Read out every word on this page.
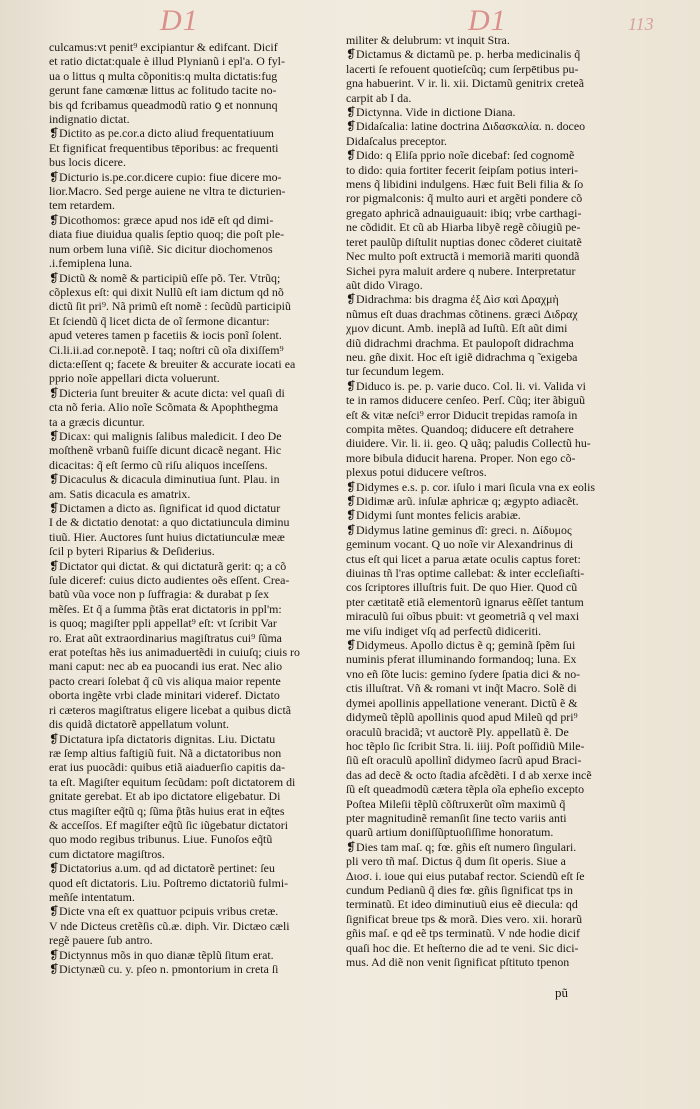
D1	D1	113
culcamus:vt penit⁹ excipiantur & edifcant. Dicif
et ratio dictat:quale è illud Plynianũ i epl'a. O fyl-
ua o littus q multa cõponitis:q multa dictatis:fug
gerunt fane camœnæ littus ac folitudo tacite no-
bis qd fcribamus queadmodũ ratio ꝯ et nonnunq
indignatio dictat.
❡Dictito as pe.cor.a dicto aliud frequentatiuum
Et fignificat frequentibus tēporibus: ac frequenti
bus locis dicere.
❡Dicturio is.pe.cor.dicere cupio: fiue dicere mo-
lior.Macro. Sed perge auiene ne vltra te dicturien-
tem retardem.
❡Dicothomos: græce apud nos idē eſt qd dimi-
diata fiue diuidua qualis ſeptio quoq; die poſt ple-
num orbem luna viſiẽ. Sic dicitur diochomenos
.i.femiplena luna.
❡Dictũ & nomẽ & participiũ eſſe põ. Ter. Vtrũq;
cõplexus eſt: qui dixit Nullũ eſt iam dictum qd nõ
dictũ ſit pri⁹. Nã primũ eſt nomẽ : ſecũdũ participiũ
Et ſciendũ q̃ licet dicta de oĩ ſermone dicantur:
apud veteres tamen p facetiis & iocis ponĩ ſolent.
Ci.li.ii.ad cor.nepotẽ. I taq; noſtri cũ oĩa dixiſſem⁹
dicta:eſſent q; facete & breuiter & accurate iocati ea
pprio noĩe appellari dicta voluerunt.
❡Dicteria ſunt breuiter & acute dicta: vel quaſi di
cta nõ feria. Alio noĩe Scõmata & Apophthegma
ta a græcis dicuntur.
❡Dicax: qui malignis ſalibus maledicit. I deo De
moſthenẽ vrbanũ fuiſſe dicunt dicacẽ negant. Hic
dicacitas: q̃ eſt ſermo cũ riſu aliquos inceſſens.
❡Dicaculus & dicacula diminutiua ſunt. Plau. in
am. Satis dicacula es amatrix.
❡Dictamen a dicto as. ſignificat id quod dictatur
I de & dictatio denotat: a quo dictatiuncula diminu
tiuũ. Hier. Auctores ſunt huius dictatiunculæ meæ
ſcil p byteri Riparius & Deſiderius.
❡Dictator qui dictat. & qui dictaturã gerit: q; a cõ
ſule diceref: cuius dicto audientes oẽs eſſent. Crea-
batũ vũa voce non p ſuffragia: & durabat p ſex
mẽſes. Et q̃ a ſumma p̃tãs erat dictatoris in ppl'm:
is quoq; magiſter ppli appellat⁹ eſt: vt ſcribit Var
ro. Erat aũt extraordinarius magiſtratus cui⁹ ſũma
erat poteſtas hẽs ius animaduertẽdi in cuiuſq; ciuis ro
mani caput: nec ab ea puocandi ius erat. Nec alio
pacto creari ſolebat q̃ cũ vis aliqua maior repente
oborta ingẽte vrbi clade minitari videref. Dictato
ri cæteros magiſtratus eligere licebat a quibus dictã
dis quidã dictatorẽ appellatum volunt.
❡Dictatura ipſa dictatoris dignitas. Liu. Dictatu
ræ ſemp altius faſtigiũ fuit. Nã a dictatoribus non
erat ius puocãdi: quibus etiã aiaduerſio capitis da-
ta eſt. Magiſter equitum ſecũdam: poſt dictatorem di
gnitate gerebat. Et ab ipo dictatore eligebatur. Di
ctus magiſter eq̃tũ q; ſũma p̃tãs huius erat in eq̃tes
& acceſſos. Ef magiſter eq̃tũ ſic iũgebatur dictatori
quo modo regibus tribunus. Liue. Funoſos eq̃tũ
cum dictatore magiſtros.
❡Dictatorius a.um. qd ad dictatorẽ pertinet: ſeu
quod eſt dictatoris. Liu. Poſtremo dictatoriũ fulmi-
meñſe intentatum.
❡Dicte vna eſt ex quattuor pcipuis vribus cretæ.
V nde Dicteus cretẽſis cũ.æ. diph. Vir. Dictæo cæli
regẽ pauere ſub antro.
❡Dictynnus mõs in quo dianæ tẽplũ ſitum erat.
❡Dictynæũ cu. y. pſeo n. pmontorium in creta ſi
militer & delubrum: vt inquit Stra.
❡Dictamus & dictamũ pe. p. herba medicinalis q̃
lacerti ſe refouent quotieſcũq; cum ſerpētibus pu-
gna habuerint. V ir. li. xii. Dictamũ genitrix creteã
carpit ab I da.
❡Dictynna. Vide in dictione Diana.
❡Didaſcalia: latine doctrina Διδασκαλία. n. doceo
Didaſcalus preceptor.
❡Dido: q Eliſa pprio noĩe dicebaf: ſed cognomẽ
to dido: quia fortiter fecerit ſeipſam potius interi-
mens q̃ libidini indulgens. Hæc fuit Beli filia & ſo
ror pigmalconis: q̃ multo auri et argẽti pondere cõ
gregato aphricã adnauiguauit: ibiq; vrbe carthagi-
ne cõdidit. Et cũ ab Hiarba libyẽ regẽ cõiugiũ pe-
teret paulũp diſtulit nuptias donec cõderet ciuitatẽ
Nec multo poſt extructã i memoriã mariti quondã
Sichei pyra maluit ardere q nubere. Interpretatur
aũt dido Virago.
❡Didrachma: bis dragma ἐξ Δὶσ καὶ Δραχμὴ
nũmus eſt duas drachmas cõtinens. græci Διδραχ
χμον dicunt. Amb. ineplã ad Iuſtũ. Eſt aũt dimi
diũ didrachmi drachma. Et paulopoſt didrachma
neu. gñe dixit. Hoc eſt igiẽ didrachma q ̃ exigeba
tur ſecundum legem.
❡Diduco is. pe. p. varie duco. Col. li. vi. Valida vi
te in ramos diducere cenſeo. Perſ. Cũq; iter ãbiguũ
eſt & vitæ neſci⁹ error Diducit trepidas ramoſa in
compita mẽtes. Quandoq; diducere eſt detrahere
diuidere. Vir. li. ii. geo. Q uãq; paludis Collectũ hu-
more bibula diducit harena. Proper. Non ego cõ-
plexus potui diducere veſtros.
❡Didymes e.s. p. cor. iſulo i mari ſicula vna ex eolis
❡Didimæ arũ. inſulæ aphricæ q; ægypto adiacẽt.
❡Didymi ſunt montes felicis arabiæ.
❡Didymus latine geminus dĩ: greci. n. Δίδυμος
geminum vocant. Q uo noĩe vir Alexandrinus di
ctus eſt qui licet a parua ætate oculis captus foret:
diuinas tñ l'ras optime callebat: & inter eccleſiaſti-
cos ſcriptores illuſtris fuit. De quo Hier. Quod cũ
pter cætitatẽ etiã elementorũ ignarus eẽſſet tantum
miraculũ ſui oĩbus pbuit: vt geometriã q vel maxi
me viſu indiget vſq ad perfectũ didiceriti.
❡Didymeus. Apollo dictus ẽ q; geminã ſpẽm ſui
numinis pferat illuminando formandoq; luna. Ex
vno eñ ſõte lucis: gemino ſydere ſpatia dici & no-
ctis illuſtrat. Vñ & romani vt inq̃t Macro. Solẽ di
dymei apollinis appellatione venerant. Dictũ ẽ &
didymeũ tẽplũ apollinis quod apud Mileũ qd pri⁹
oraculũ bracidã; vt auctorẽ Ply. appellatũ ẽ. De
hoc tẽplo ſic ſcribit Stra. li. iiij. Poſt poſſidiũ Mile-
ſiũ eſt oraculũ apollinĩ didymeo ſacrũ apud Braci-
das ad decẽ & octo ſtadia afcẽdẽti. I d ab xerxe incẽ
ſũ eſt queadmodũ cætera tẽpla oĩa epheſio excepto
Poſtea Mileſii tẽplũ cõſtruxerũt oĩm maximũ q̃
pter magnitudinẽ remanſit ſine tecto variis anti
quarũ artium doniſſũptuoſiſſime honoratum.
❡Dies tam maſ. q; fœ. gñis eſt numero ſingulari.
pli vero tñ maſ. Dictus q̃ dum ſit operis. Siue a
Διοσ. i. ioue qui eius putabaf rector. Sciendũ eſt ſe
cundum Pedianũ q̃ dies fœ. gñis ſignificat tps in
terminatũ. Et ideo diminutiuũ eius eẽ diecula: qd
ſignificat breue tps & morã. Dies vero. xii. horarũ
gñis maſ. e qd eẽ tps terminatũ. V nde hodie dicif
quaſi hoc die. Et heſterno die ad te veni. Sic dici-
mus. Ad diẽ non venit ſignificat pſtituto tpenon
pũ
